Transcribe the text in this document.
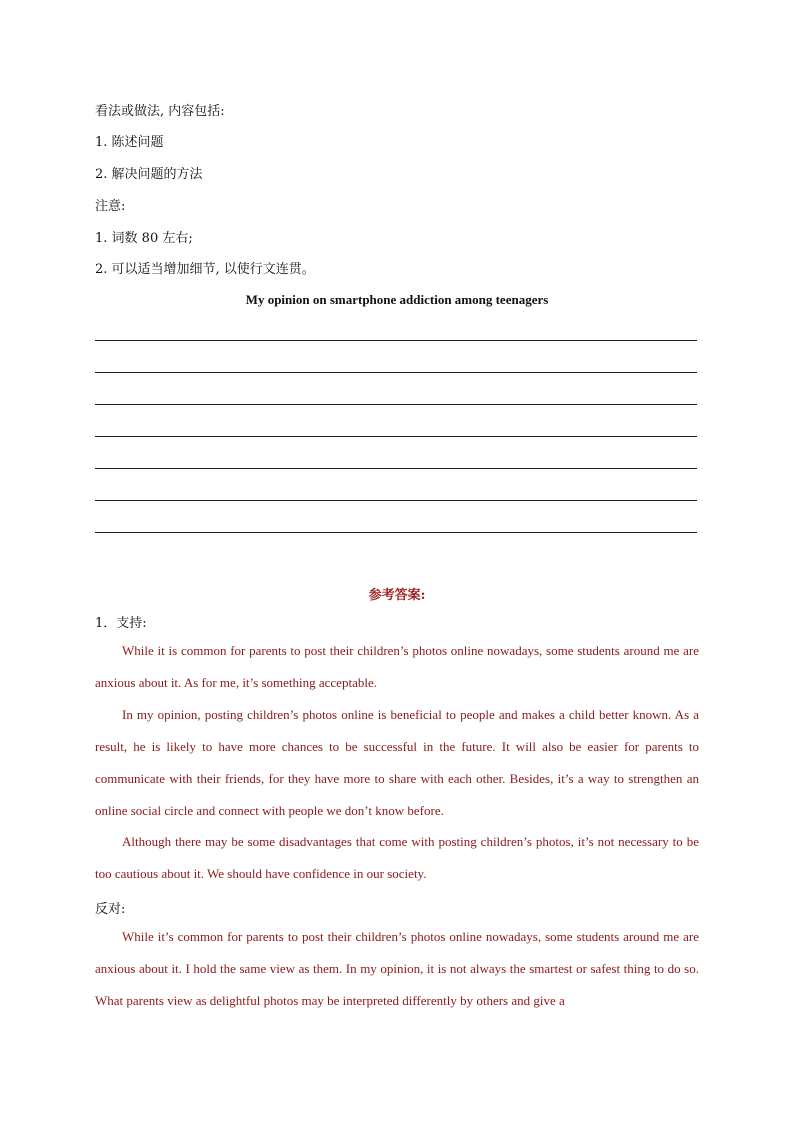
看法或做法, 内容包括:
1. 陈述问题
2. 解决问题的方法
注意:
1. 词数 80 左右;
2. 可以适当增加细节, 以使行文连贯。
My opinion on smartphone addiction among teenagers
参考答案:
1．支持:

While it is common for parents to post their children’s photos online nowadays, some students around me are anxious about it. As for me, it’s something acceptable.

In my opinion, posting children’s photos online is beneficial to people and makes a child better known. As a result, he is likely to have more chances to be successful in the future. It will also be easier for parents to communicate with their friends, for they have more to share with each other. Besides, it’s a way to strengthen an online social circle and connect with people we don’t know before.

Although there may be some disadvantages that come with posting children’s photos, it’s not necessary to be too cautious about it. We should have confidence in our society.

反对:

While it’s common for parents to post their children’s photos online nowadays, some students around me are anxious about it. I hold the same view as them. In my opinion, it is not always the smartest or safest thing to do so. What parents view as delightful photos may be interpreted differently by others and give a
